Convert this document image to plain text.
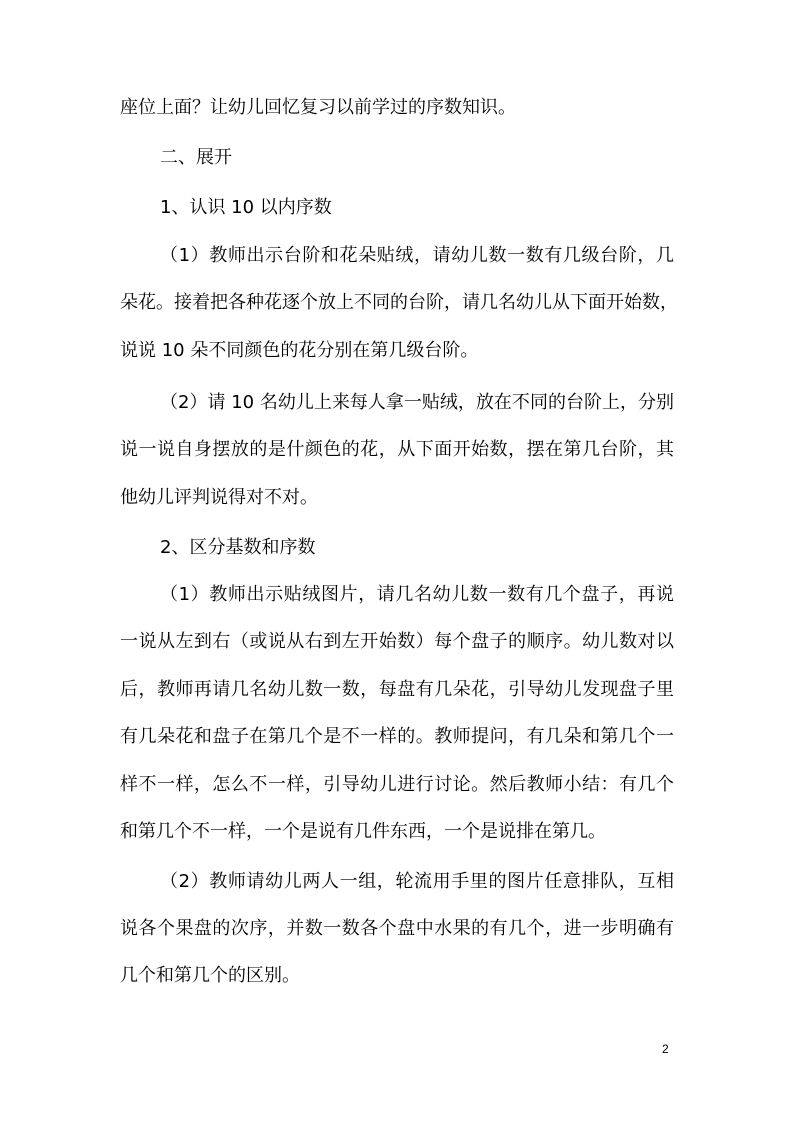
座位上面？让幼儿回忆复习以前学过的序数知识。
二、展开
1、认识 10 以内序数
（1）教师出示台阶和花朵贴绒，请幼儿数一数有几级台阶，几
朵花。接着把各种花逐个放上不同的台阶，请几名幼儿从下面开始数，
说说 10 朵不同颜色的花分别在第几级台阶。
（2）请 10 名幼儿上来每人拿一贴绒，放在不同的台阶上，分别
说一说自身摆放的是什颜色的花，从下面开始数，摆在第几台阶，其
他幼儿评判说得对不对。
2、区分基数和序数
（1）教师出示贴绒图片，请几名幼儿数一数有几个盘子，再说
一说从左到右（或说从右到左开始数）每个盘子的顺序。幼儿数对以
后，教师再请几名幼儿数一数，每盘有几朵花，引导幼儿发现盘子里
有几朵花和盘子在第几个是不一样的。教师提问，有几朵和第几个一
样不一样，怎么不一样，引导幼儿进行讨论。然后教师小结：有几个
和第几个不一样，一个是说有几件东西，一个是说排在第几。
（2）教师请幼儿两人一组，轮流用手里的图片任意排队，互相
说各个果盘的次序，并数一数各个盘中水果的有几个，进一步明确有
几个和第几个的区别。
2
